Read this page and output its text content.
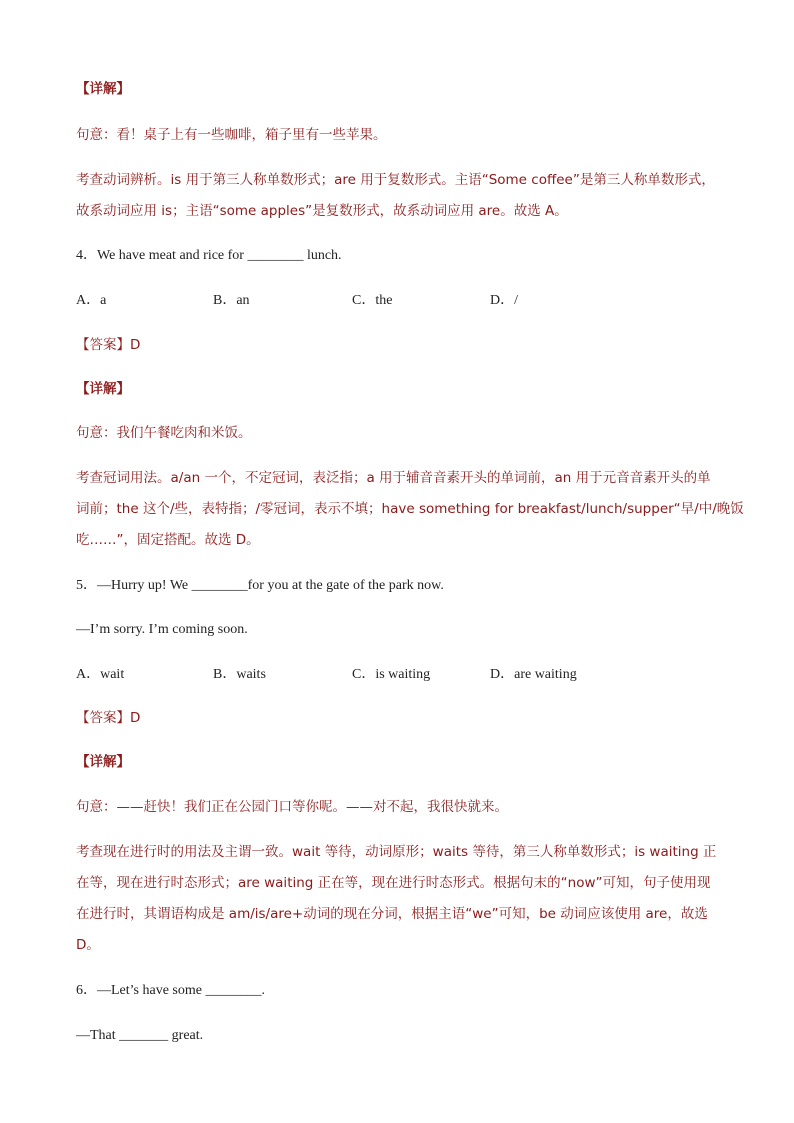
【详解】
句意：看！桌子上有一些咖啡，箱子里有一些苹果。
考查动词辨析。is 用于第三人称单数形式；are 用于复数形式。主语“Some coffee”是第三人称单数形式，
故系动词应用 is；主语“some apples”是复数形式，故系动词应用 are。故选 A。
4．We have meat and rice for ________ lunch.
A．a	B．an	C．the	D．/
【答案】D
【详解】
句意：我们午餐吃肉和米饭。
考查冠词用法。a/an 一个，不定冠词，表泛指；a 用于辅音音素开头的单词前，an 用于元音音素开头的单
词前；the 这个/些，表特指；/零冠词，表示不填；have something for breakfast/lunch/supper“早/中/晚饭
吃……”，固定搭配。故选 D。
5．—Hurry up! We ________for you at the gate of the park now.
—I’m sorry. I’m coming soon.
A．wait	B．waits	C．is waiting	D．are waiting
【答案】D
【详解】
句意：——赶快！我们正在公园门口等你呢。——对不起，我很快就来。
考查现在进行时的用法及主谓一致。wait 等待，动词原形；waits 等待，第三人称单数形式；is waiting 正
在等，现在进行时态形式；are waiting 正在等，现在进行时态形式。根据句末的“now”可知，句子使用现
在进行时，其谓语构成是 am/is/are+动词的现在分词，根据主语“we”可知，be 动词应该使用 are，故选
D。
6．—Let’s have some ________.
—That _______ great.
